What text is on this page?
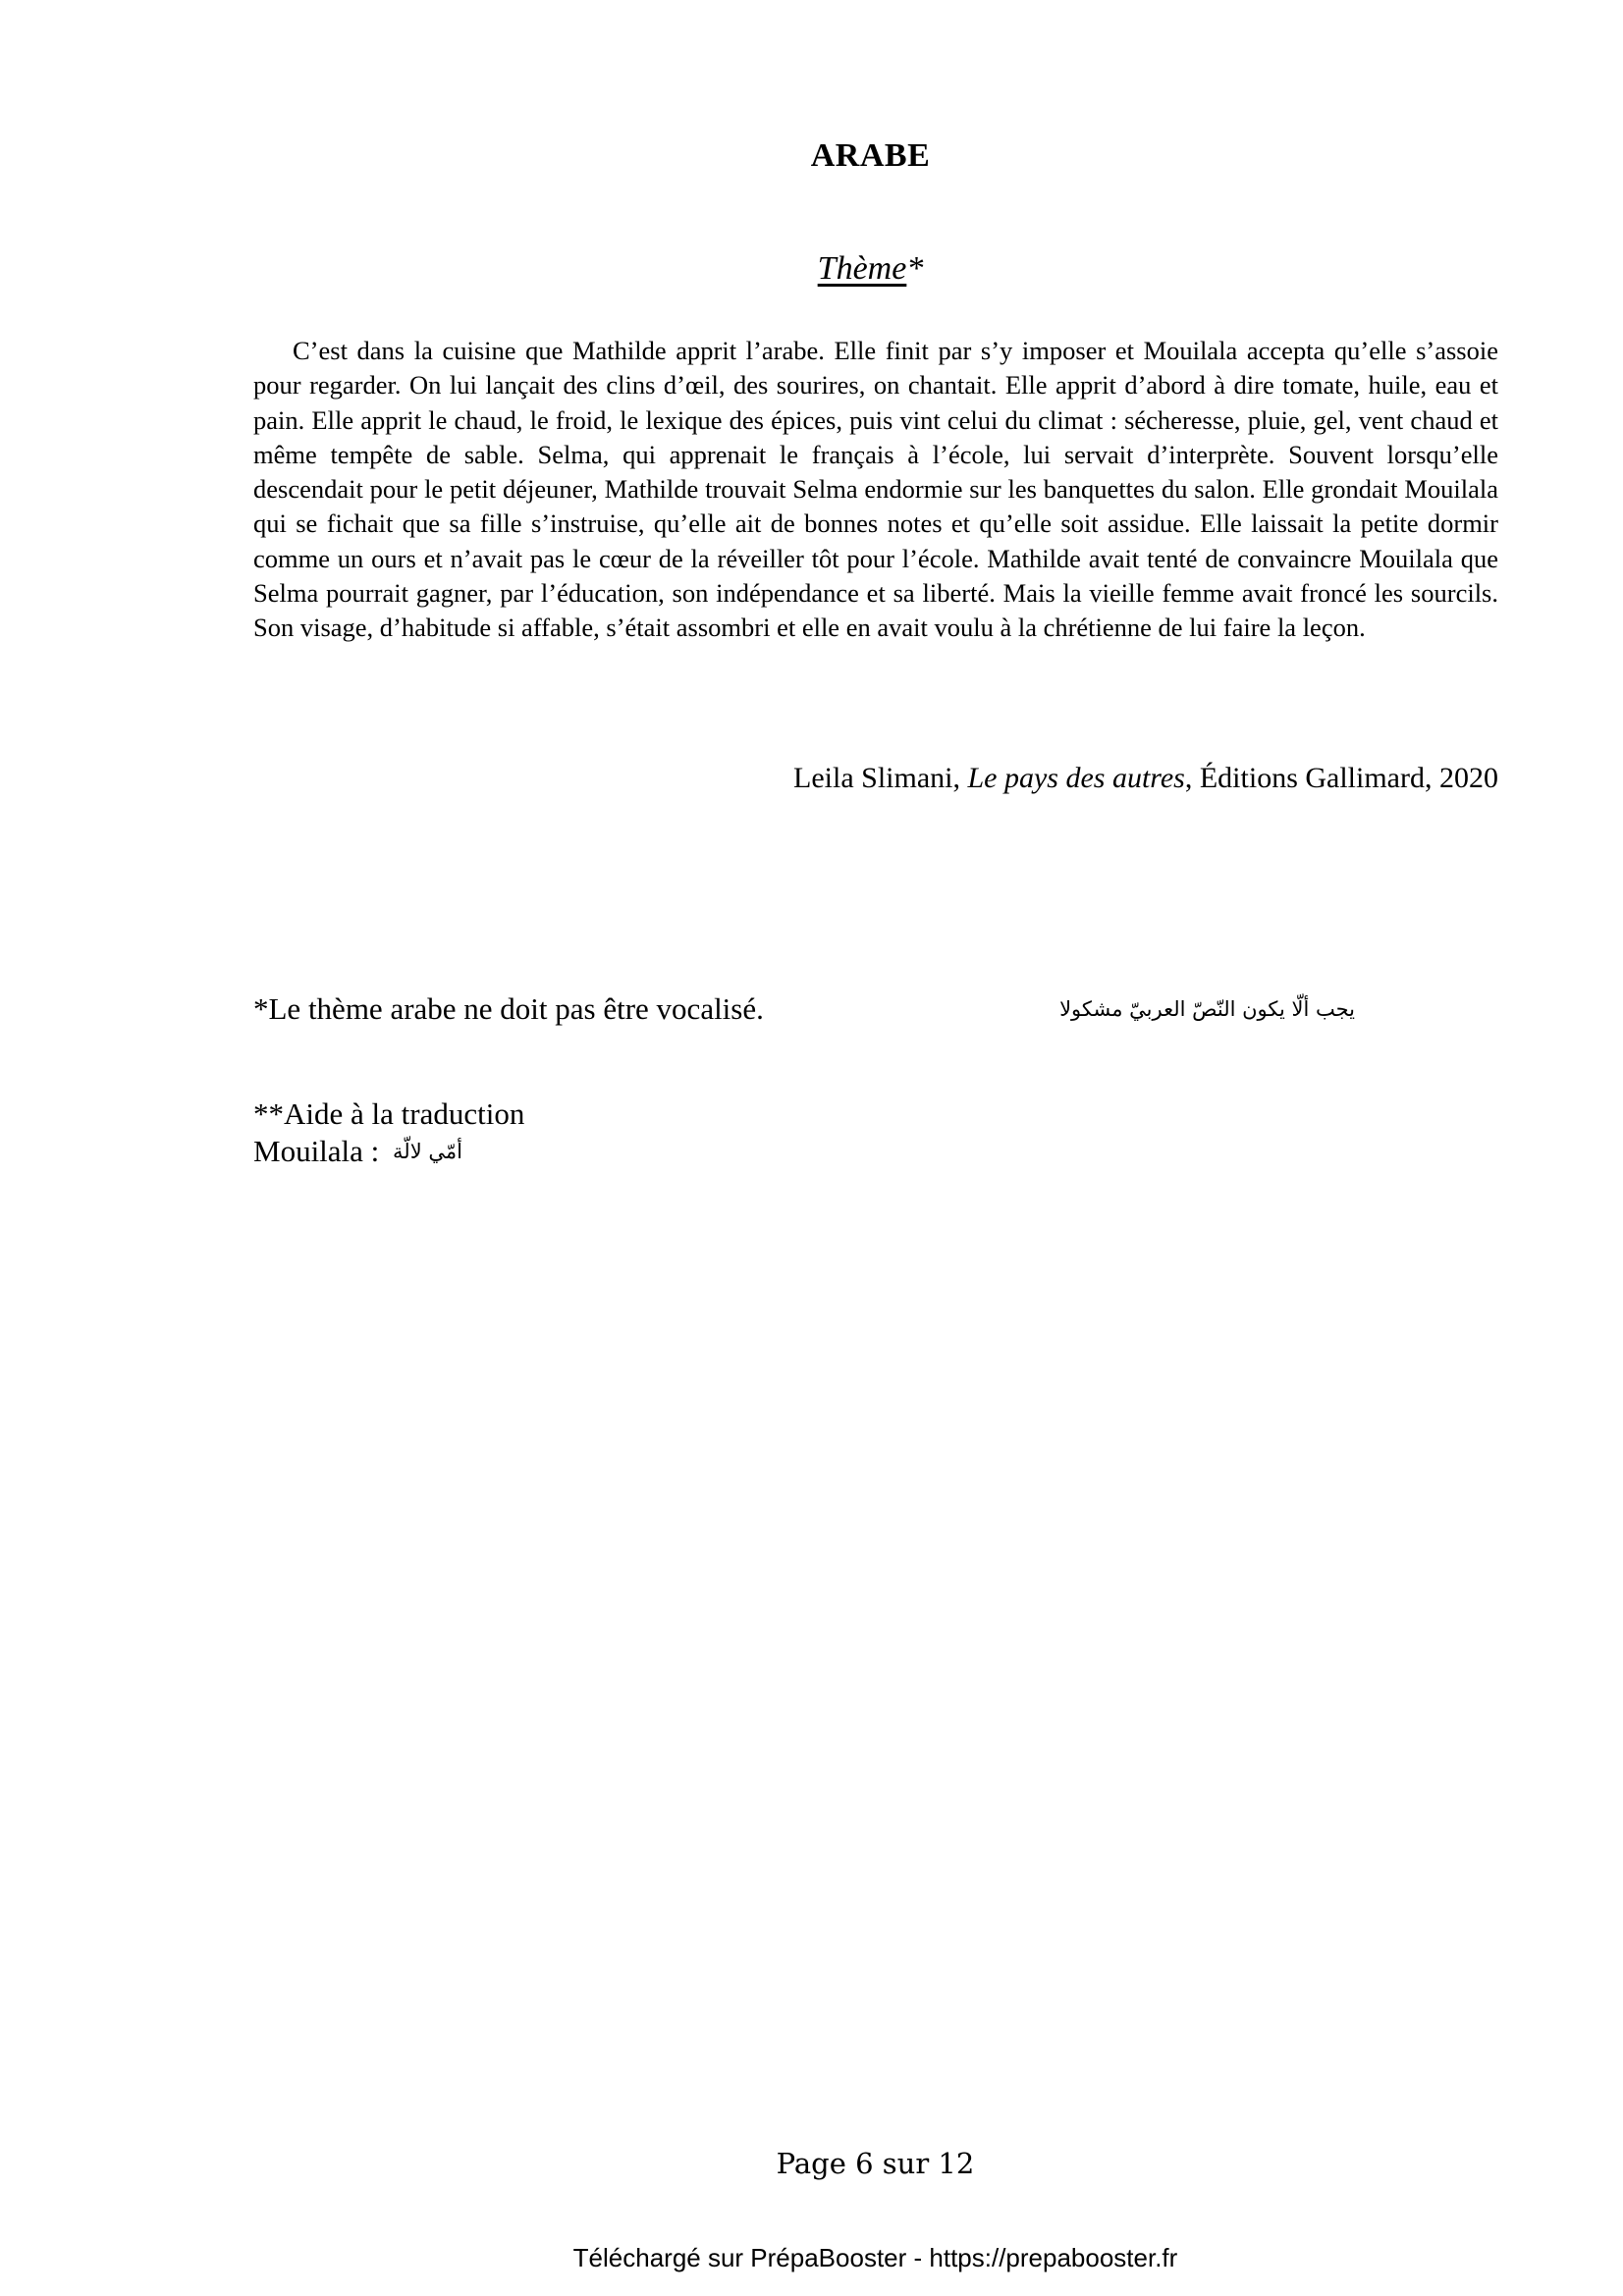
ARABE
Thème*

C’est dans la cuisine que Mathilde apprit l’arabe. Elle finit par s’y imposer et Mouilala accepta qu’elle s’assoie pour regarder. On lui lançait des clins d’œil, des sourires, on chantait. Elle apprit d’abord à dire tomate, huile, eau et pain. Elle apprit le chaud, le froid, le lexique des épices, puis vint celui du climat : sécheresse, pluie, gel, vent chaud et même tempête de sable. Selma, qui apprenait le français à l’école, lui servait d’interprète. Souvent lorsqu’elle descendait pour le petit déjeuner, Mathilde trouvait Selma endormie sur les banquettes du salon. Elle grondait Mouilala qui se fichait que sa fille s’instruise, qu’elle ait de bonnes notes et qu’elle soit assidue. Elle laissait la petite dormir comme un ours et n’avait pas le cœur de la réveiller tôt pour l’école. Mathilde avait tenté de convaincre Mouilala que Selma pourrait gagner, par l’éducation, son indépendance et sa liberté. Mais la vieille femme avait froncé les sourcils. Son visage, d’habitude si affable, s’était assombri et elle en avait voulu à la chrétienne de lui faire la leçon.

Leila Slimani, Le pays des autres, Éditions Gallimard, 2020
*Le thème arabe ne doit pas être vocalisé.	يجب ألّا يكون النّصّ العربيّ مشكولا
**Aide à la traduction
Mouilala : أمّي لالّة
Page 6 sur 12
Téléchargé sur PrépaBooster - https://prepabooster.fr
